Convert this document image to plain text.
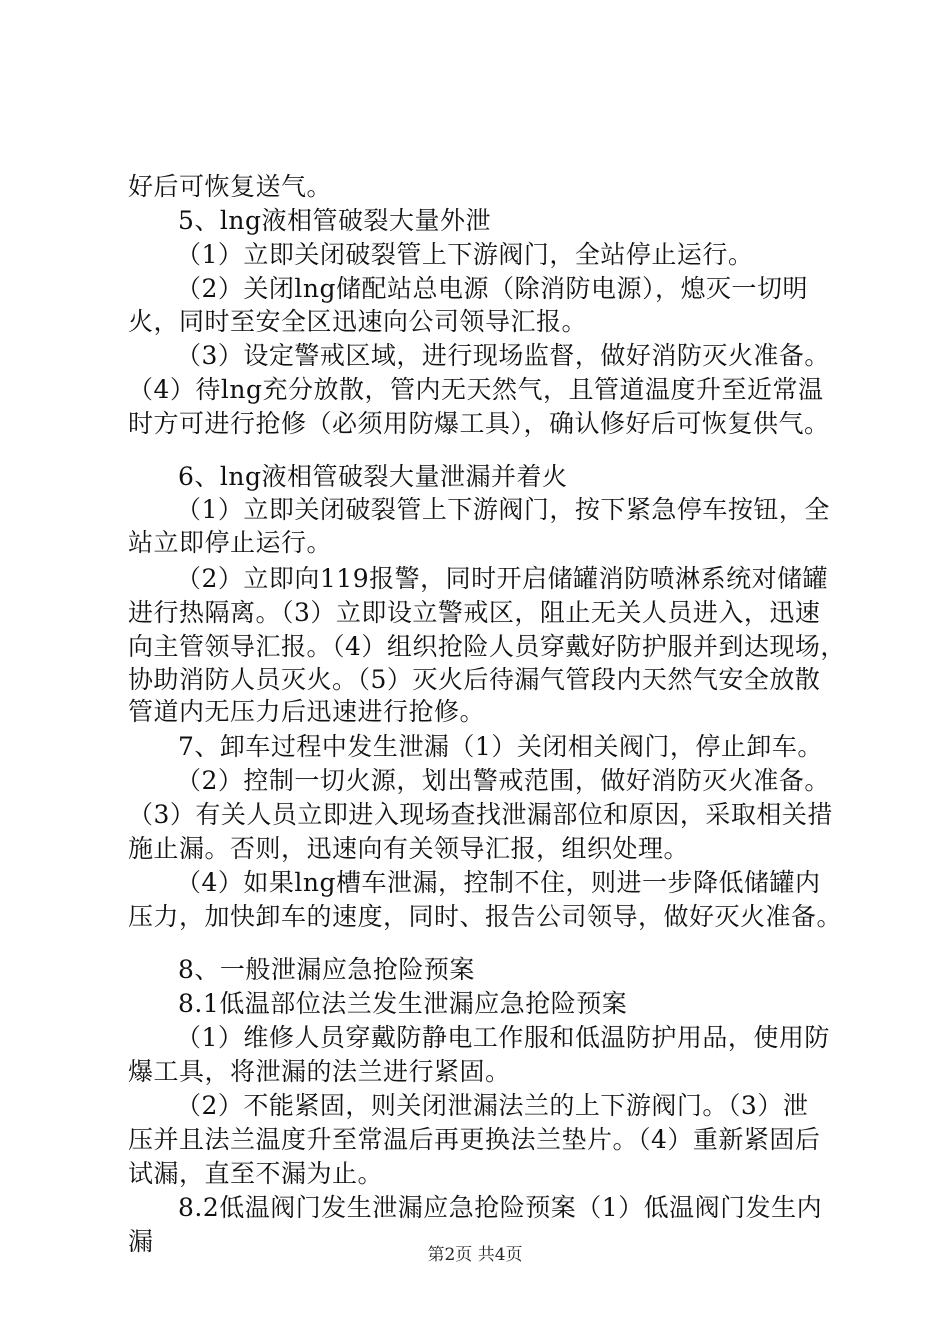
好后可恢复送气。
5、lng液相管破裂大量外泄
（1）立即关闭破裂管上下游阀门，全站停止运行。
（2）关闭lng储配站总电源（除消防电源），熄灭一切明
火，同时至安全区迅速向公司领导汇报。
（3）设定警戒区域，进行现场监督，做好消防灭火准备。
（4）待lng充分放散，管内无天然气，且管道温度升至近常温
时方可进行抢修（必须用防爆工具），确认修好后可恢复供气。
6、lng液相管破裂大量泄漏并着火
（1）立即关闭破裂管上下游阀门，按下紧急停车按钮，全
站立即停止运行。
（2）立即向119报警，同时开启储罐消防喷淋系统对储罐
进行热隔离。（3）立即设立警戒区，阻止无关人员进入，迅速
向主管领导汇报。（4）组织抢险人员穿戴好防护服并到达现场，
协助消防人员灭火。（5）灭火后待漏气管段内天然气安全放散
管道内无压力后迅速进行抢修。
7、卸车过程中发生泄漏（1）关闭相关阀门，停止卸车。
（2）控制一切火源，划出警戒范围，做好消防灭火准备。
（3）有关人员立即进入现场查找泄漏部位和原因，采取相关措
施止漏。否则，迅速向有关领导汇报，组织处理。
（4）如果lng槽车泄漏，控制不住，则进一步降低储罐内
压力，加快卸车的速度，同时、报告公司领导，做好灭火准备。
8、一般泄漏应急抢险预案
8.1低温部位法兰发生泄漏应急抢险预案
（1）维修人员穿戴防静电工作服和低温防护用品，使用防
爆工具，将泄漏的法兰进行紧固。
（2）不能紧固，则关闭泄漏法兰的上下游阀门。（3）泄
压并且法兰温度升至常温后再更换法兰垫片。（4）重新紧固后
试漏，直至不漏为止。
8.2低温阀门发生泄漏应急抢险预案（1）低温阀门发生内
漏	第2页 共4页
